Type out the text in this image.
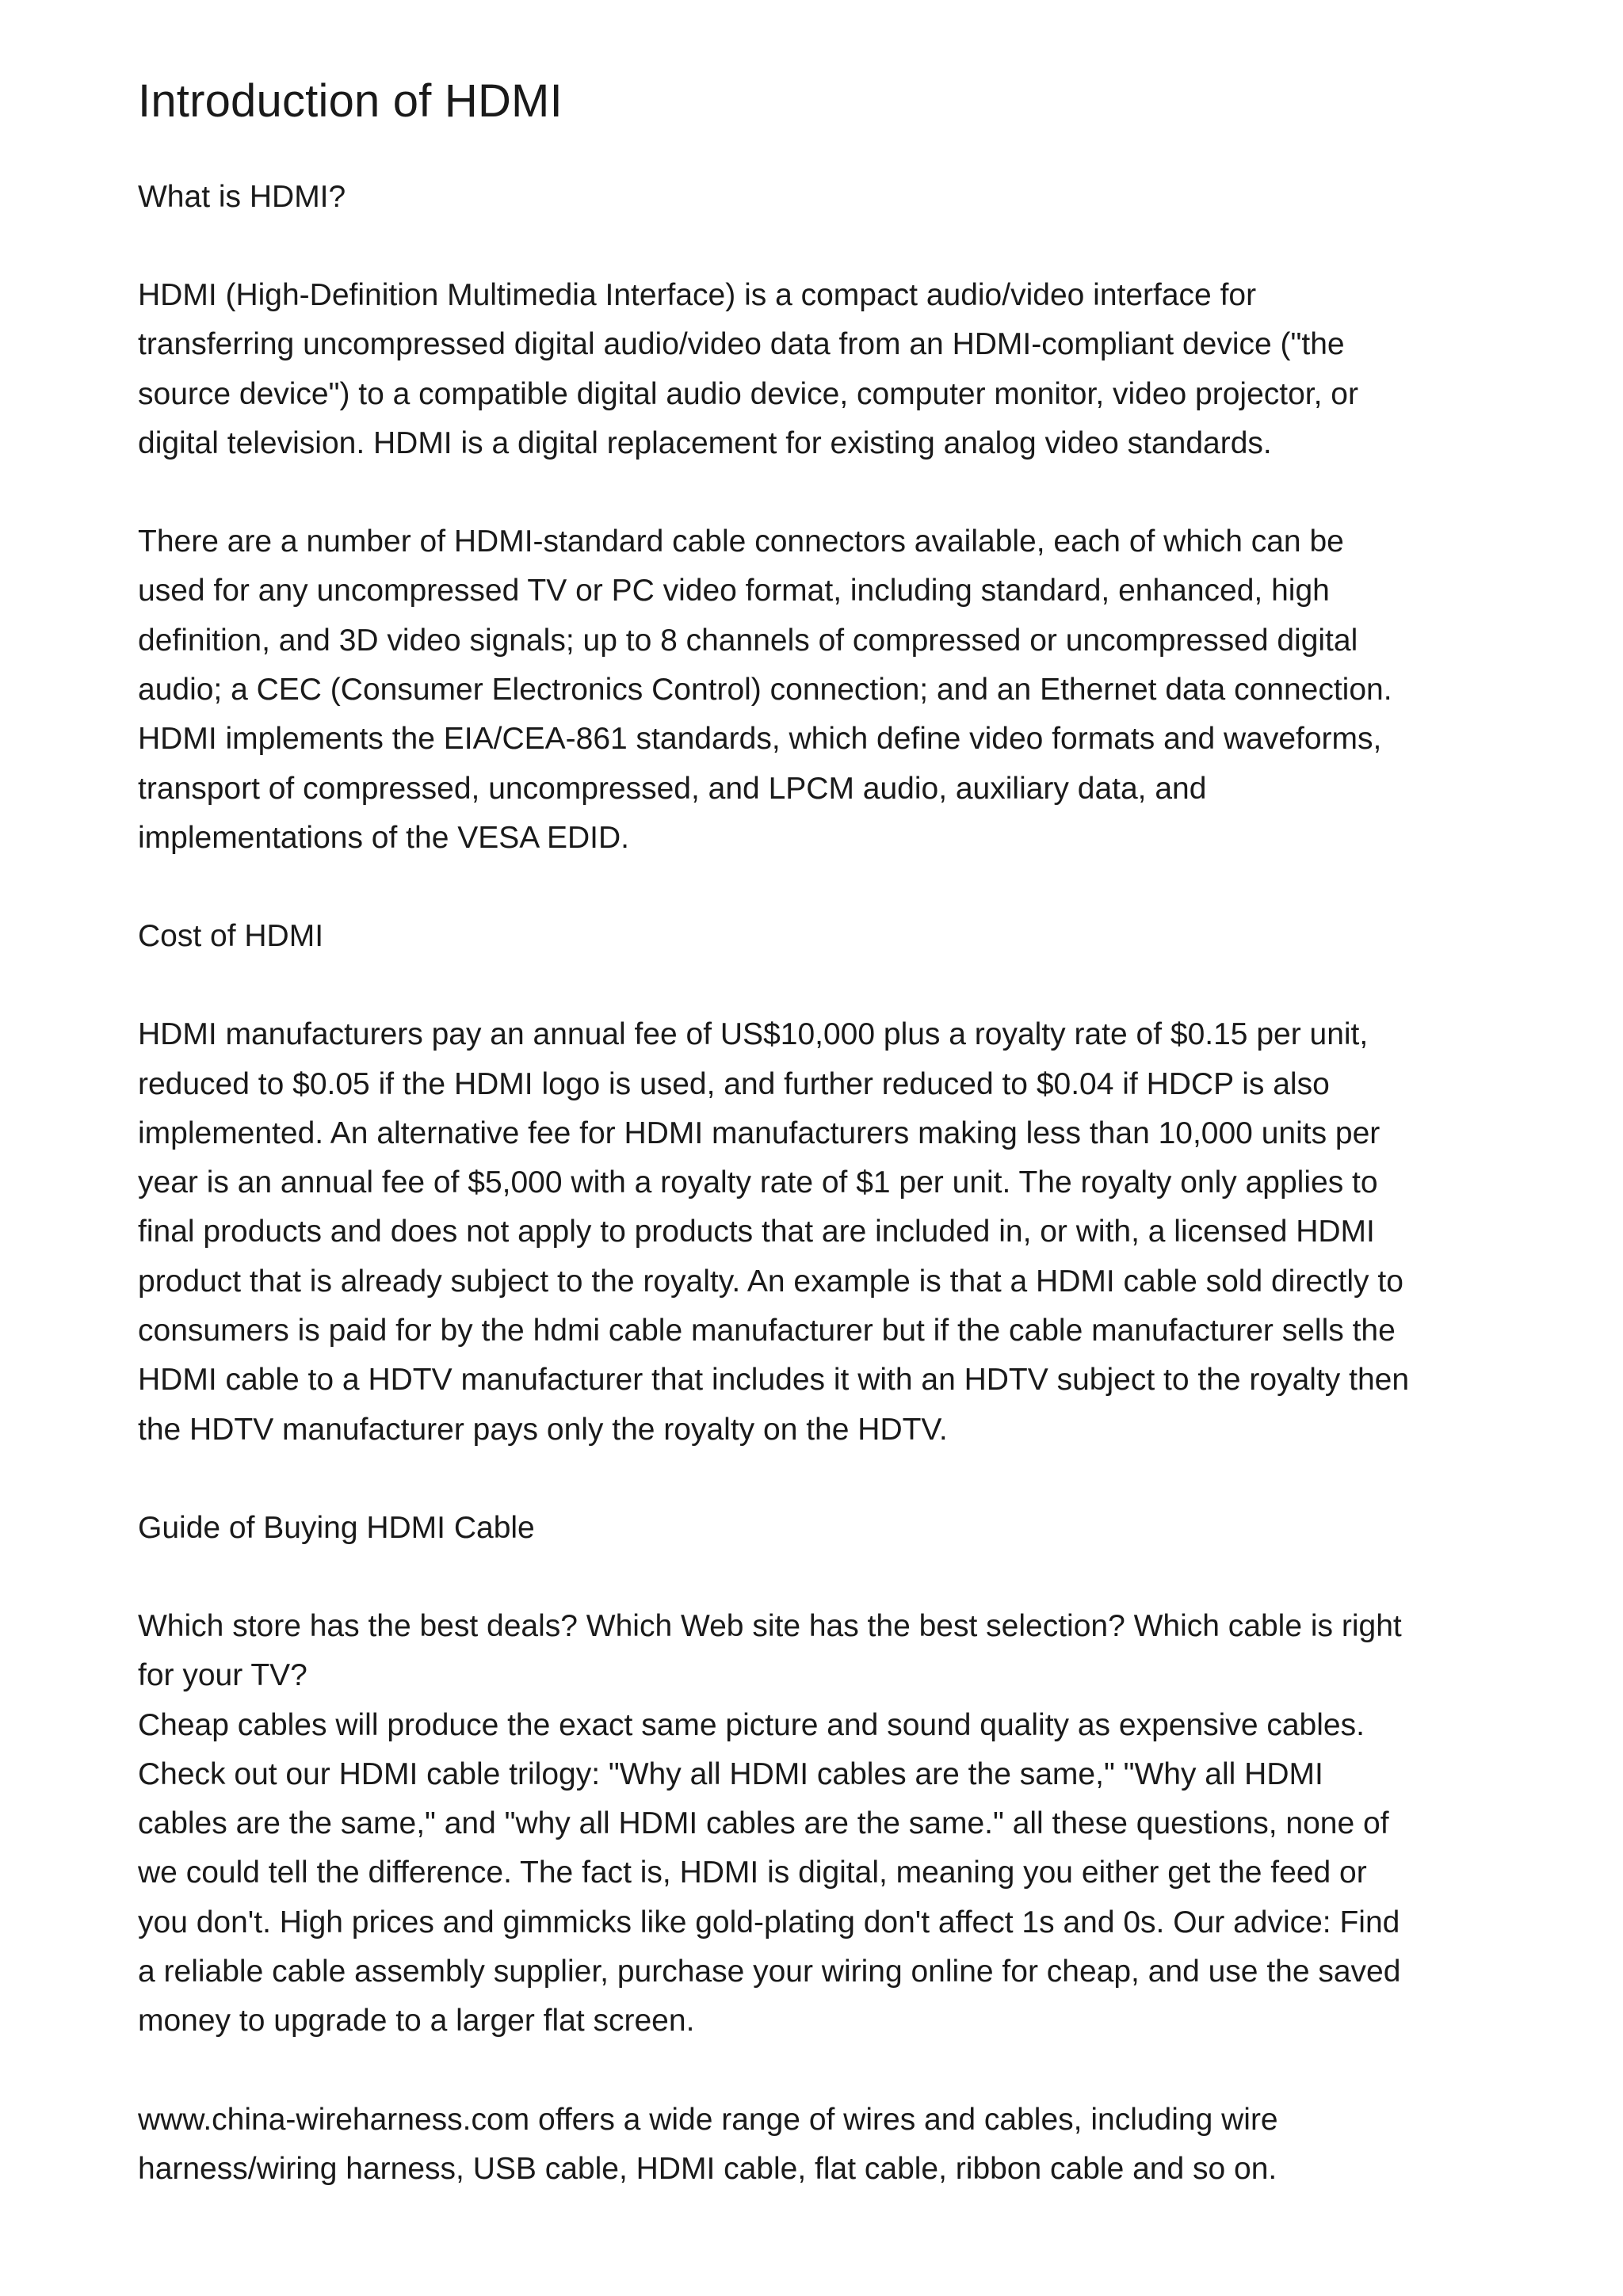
Introduction of HDMI
What is HDMI?

HDMI (High-Definition Multimedia Interface) is a compact audio/video interface for
transferring uncompressed digital audio/video data from an HDMI-compliant device ("the
source device") to a compatible digital audio device, computer monitor, video projector, or
digital television. HDMI is a digital replacement for existing analog video standards.

There are a number of HDMI-standard cable connectors available, each of which can be
used for any uncompressed TV or PC video format, including standard, enhanced, high
definition, and 3D video signals; up to 8 channels of compressed or uncompressed digital
audio; a CEC (Consumer Electronics Control) connection; and an Ethernet data connection.
HDMI implements the EIA/CEA-861 standards, which define video formats and waveforms,
transport of compressed, uncompressed, and LPCM audio, auxiliary data, and
implementations of the VESA EDID.

Cost of HDMI

HDMI manufacturers pay an annual fee of US$10,000 plus a royalty rate of $0.15 per unit,
reduced to $0.05 if the HDMI logo is used, and further reduced to $0.04 if HDCP is also
implemented. An alternative fee for HDMI manufacturers making less than 10,000 units per
year is an annual fee of $5,000 with a royalty rate of $1 per unit. The royalty only applies to
final products and does not apply to products that are included in, or with, a licensed HDMI
product that is already subject to the royalty. An example is that a HDMI cable sold directly to
consumers is paid for by the hdmi cable manufacturer but if the cable manufacturer sells the
HDMI cable to a HDTV manufacturer that includes it with an HDTV subject to the royalty then
the HDTV manufacturer pays only the royalty on the HDTV.

Guide of Buying HDMI Cable

Which store has the best deals? Which Web site has the best selection? Which cable is right
for your TV?
Cheap cables will produce the exact same picture and sound quality as expensive cables.
Check out our HDMI cable trilogy: "Why all HDMI cables are the same," "Why all HDMI
cables are the same," and "why all HDMI cables are the same." all these questions, none of
we could tell the difference. The fact is, HDMI is digital, meaning you either get the feed or
you don't. High prices and gimmicks like gold-plating don't affect 1s and 0s. Our advice: Find
a reliable cable assembly supplier, purchase your wiring online for cheap, and use the saved
money to upgrade to a larger flat screen.

www.china-wireharness.com offers a wide range of wires and cables, including wire
harness/wiring harness, USB cable, HDMI cable, flat cable, ribbon cable and so on.
